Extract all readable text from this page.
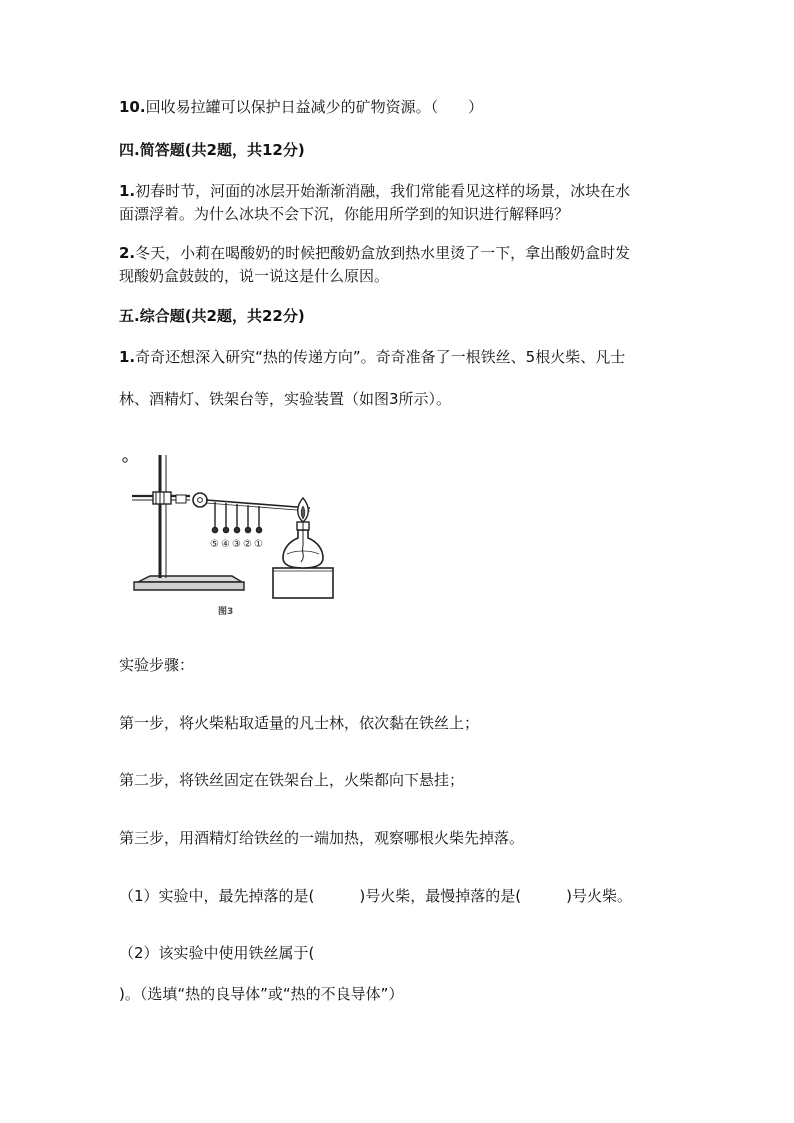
10.回收易拉罐可以保护日益减少的矿物资源。（　　）
四.简答题(共2题，共12分)
1.初春时节，河面的冰层开始渐渐消融，我们常能看见这样的场景，冰块在水
面漂浮着。为什么冰块不会下沉，你能用所学到的知识进行解释吗？
2.冬天，小莉在喝酸奶的时候把酸奶盒放到热水里烫了一下，拿出酸奶盒时发
现酸奶盒鼓鼓的，说一说这是什么原因。
五.综合题(共2题，共22分)
1.奇奇还想深入研究“热的传递方向”。奇奇准备了一根铁丝、5根火柴、凡士
林、酒精灯、铁架台等，实验装置（如图3所示）。
⑤ ④ ③ ② ①
图3
实验步骤：
第一步，将火柴粘取适量的凡士林，依次黏在铁丝上；
第二步，将铁丝固定在铁架台上，火柴都向下悬挂；
第三步，用酒精灯给铁丝的一端加热，观察哪根火柴先掉落。
（1）实验中，最先掉落的是(　　　)号火柴，最慢掉落的是(　　　)号火柴。
（2）该实验中使用铁丝属于(
)。（选填“热的良导体”或“热的不良导体”）
